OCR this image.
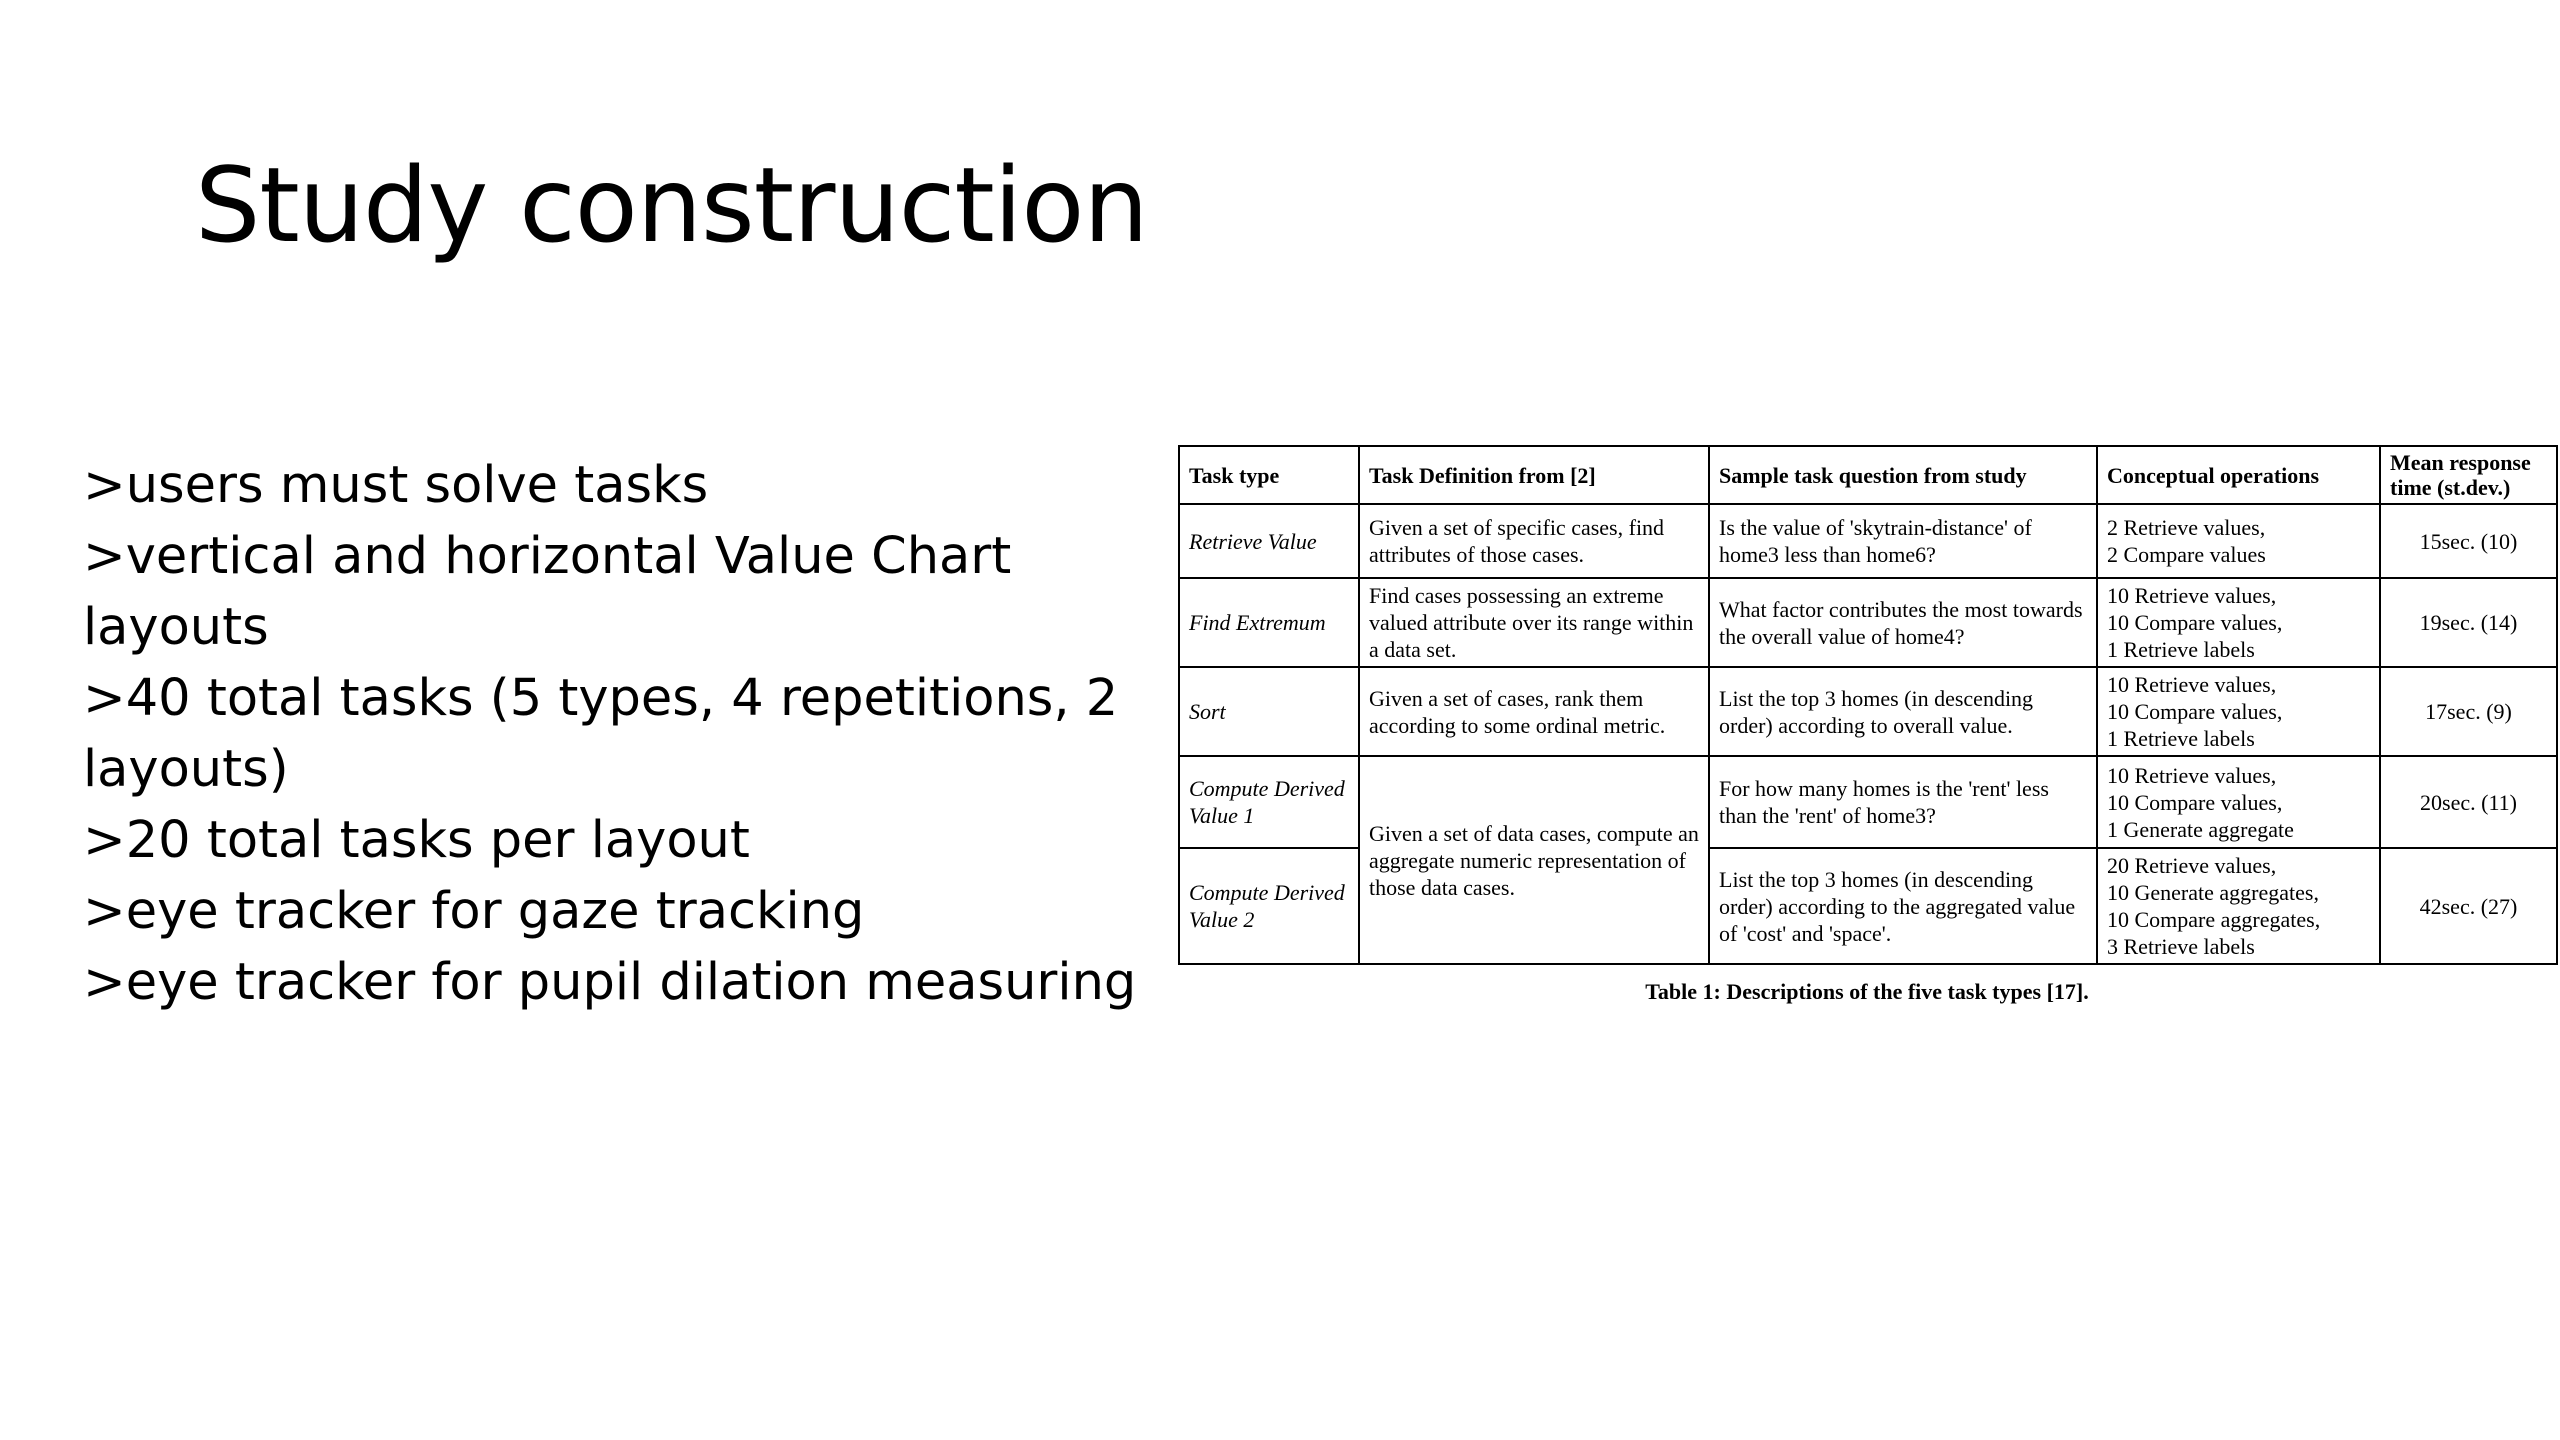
Study construction
>users must solve tasks
>vertical and horizontal Value Chart layouts
>40 total tasks (5 types, 4 repetitions, 2 layouts)
>20 total tasks per layout
>eye tracker for gaze tracking
>eye tracker for pupil dilation measuring
Task type	Task Definition from [2]	Sample task question from study	Conceptual operations	Mean response time (st.dev.)
Retrieve Value	Given a set of specific cases, find attributes of those cases.	Is the value of 'skytrain-distance' of home3 less than home6?	2 Retrieve values,
2 Compare values	15sec. (10)
Find Extremum	Find cases possessing an extreme valued attribute over its range within a data set.	What factor contributes the most towards the overall value of home4?	10 Retrieve values,
10 Compare values,
1 Retrieve labels	19sec. (14)
Sort	Given a set of cases, rank them according to some ordinal metric.	List the top 3 homes (in descending order) according to overall value.	10 Retrieve values,
10 Compare values,
1 Retrieve labels	17sec. (9)
Compute Derived Value 1	Given a set of data cases, compute an aggregate numeric representation of those data cases.	For how many homes is the 'rent' less than the 'rent' of home3?	10 Retrieve values,
10 Compare values,
1 Generate aggregate	20sec. (11)
Compute Derived Value 2		List the top 3 homes (in descending order) according to the aggregated value of 'cost' and 'space'.	20 Retrieve values,
10 Generate aggregates,
10 Compare aggregates,
3 Retrieve labels	42sec. (27)
Table 1: Descriptions of the five task types [17].
